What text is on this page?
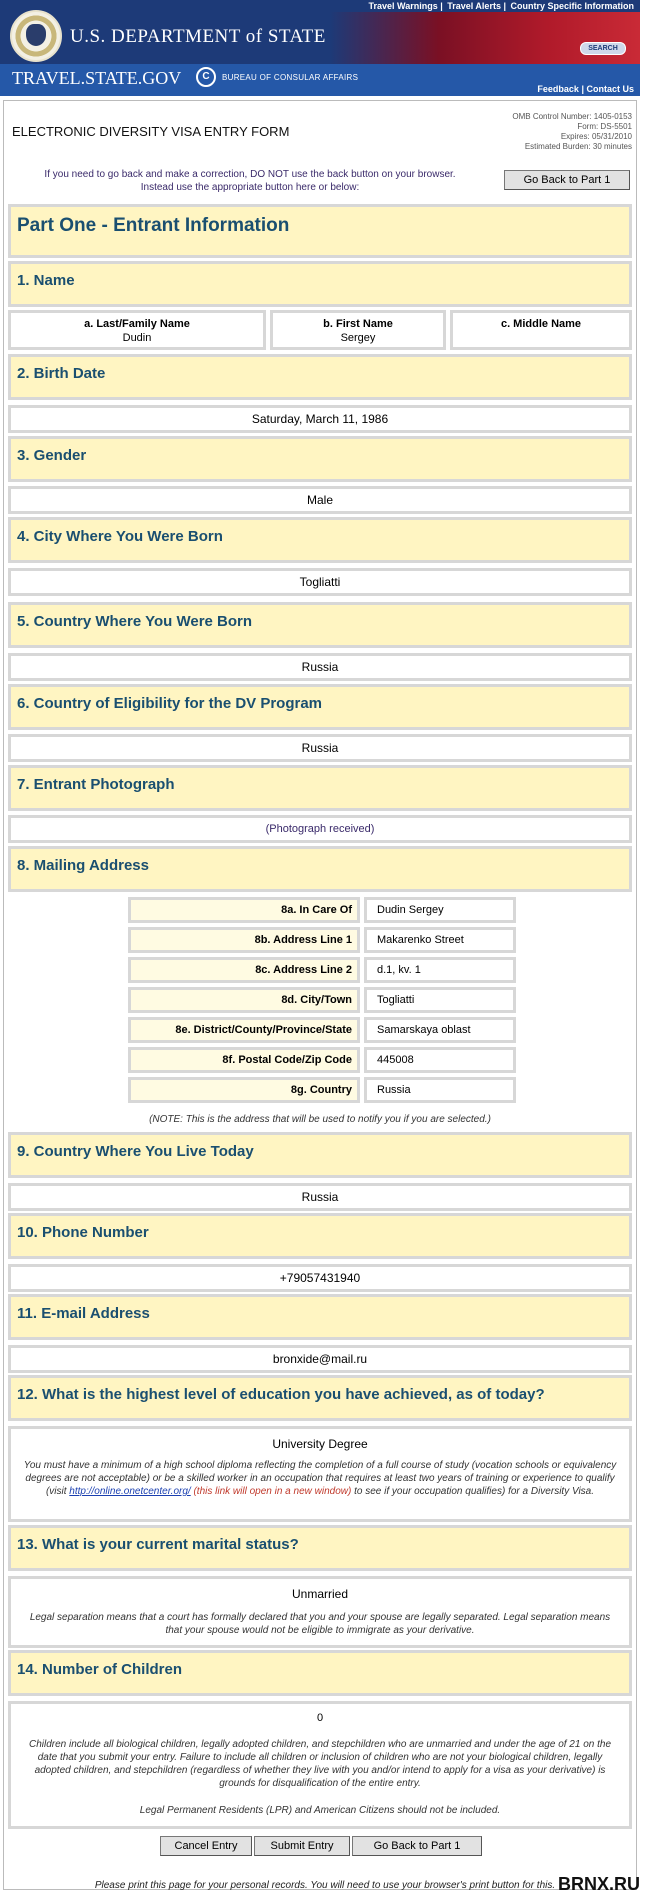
Travel Warnings | Travel Alerts | Country Specific Information
U.S. DEPARTMENT of STATE
SEARCH
TRAVEL.STATE.GOV	C	BUREAU OF CONSULAR AFFAIRS
Feedback | Contact Us
ELECTRONIC DIVERSITY VISA ENTRY FORM
OMB Control Number: 1405-0153
Form: DS-5501
Expires: 05/31/2010
Estimated Burden: 30 minutes
If you need to go back and make a correction, DO NOT use the back button on your browser.
Instead use the appropriate button here or below:
Go Back to Part 1
Part One - Entrant Information
1. Name
a. Last/Family Name
Dudin
b. First Name
Sergey
c. Middle Name

2. Birth Date
Saturday, March 11, 1986
3. Gender
Male
4. City Where You Were Born
Togliatti
5. Country Where You Were Born
Russia
6. Country of Eligibility for the DV Program
Russia
7. Entrant Photograph
(Photograph received)
8. Mailing Address
8a. In Care Of	Dudin Sergey
8b. Address Line 1	Makarenko Street
8c. Address Line 2	d.1, kv. 1
8d. City/Town	Togliatti
8e. District/County/Province/State	Samarskaya oblast
8f. Postal Code/Zip Code	445008
8g. Country	Russia
(NOTE: This is the address that will be used to notify you if you are selected.)
9. Country Where You Live Today
Russia
10. Phone Number
+79057431940
11. E-mail Address
bronxide@mail.ru
12. What is the highest level of education you have achieved, as of today?
University Degree
You must have a minimum of a high school diploma reflecting the completion of a full course of study (vocation schools or equivalency degrees are not acceptable) or be a skilled worker in an occupation that requires at least two years of training or experience to qualify (visit http://online.onetcenter.org/ (this link will open in a new window) to see if your occupation qualifies) for a Diversity Visa.
13. What is your current marital status?
Unmarried
Legal separation means that a court has formally declared that you and your spouse are legally separated. Legal separation means that your spouse would not be eligible to immigrate as your derivative.
14. Number of Children
0
Children include all biological children, legally adopted children, and stepchildren who are unmarried and under the age of 21 on the date that you submit your entry. Failure to include all children or inclusion of children who are not your biological children, legally adopted children, and stepchildren (regardless of whether they live with you and/or intend to apply for a visa as your derivative) is grounds for disqualification of the entire entry.
Legal Permanent Residents (LPR) and American Citizens should not be included.
Cancel Entry	Submit Entry	Go Back to Part 1
Please print this page for your personal records. You will need to use your browser's print button for this. BRNX.RU
